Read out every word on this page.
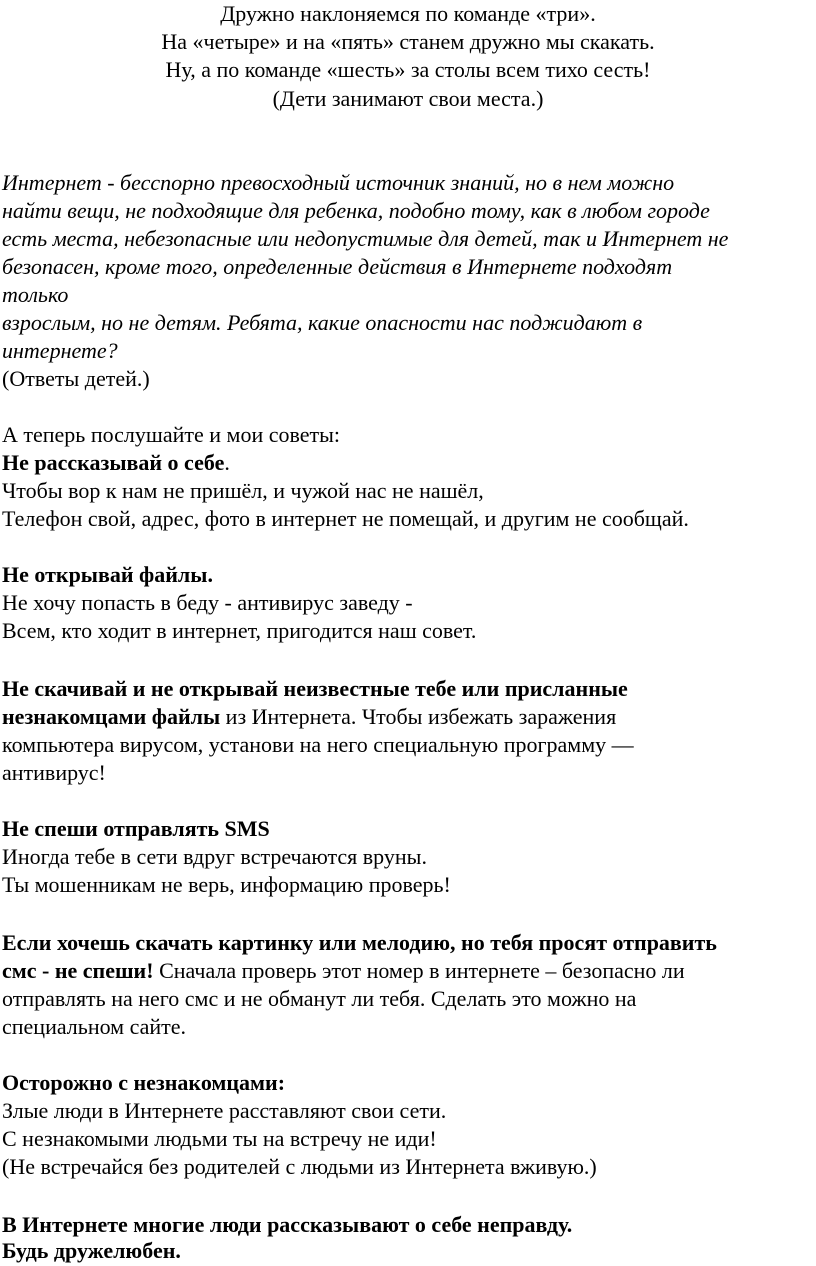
Дружно наклоняемся по команде «три».
На «четыре» и на «пять» станем дружно мы скакать.
Ну, а по команде «шесть» за столы всем тихо сесть!
(Дети занимают свои места.)
Интернет - бесспорно превосходный источник знаний, но в нем можно
найти вещи, не подходящие для ребенка, подобно тому, как в любом городе
есть места, небезопасные или недопустимые для детей, так и Интернет не
безопасен, кроме того, определенные действия в Интернете подходят
только
взрослым, но не детям. Ребята, какие опасности нас поджидают в
интернете?
(Ответы детей.)
А теперь послушайте и мои советы:
Не рассказывай о себе.
Чтобы вор к нам не пришёл, и чужой нас не нашёл,
Телефон свой, адрес, фото в интернет не помещай, и другим не сообщай.
Не открывай файлы.
Не хочу попасть в беду - антивирус заведу -
Всем, кто ходит в интернет, пригодится наш совет.
Не скачивай и не открывай неизвестные тебе или присланные
незнакомцами файлы из Интернета. Чтобы избежать заражения
компьютера вирусом, установи на него специальную программу —
антивирус!
Не спеши отправлять SMS
Иногда тебе в сети вдруг встречаются вруны.
Ты мошенникам не верь, информацию проверь!
Если хочешь скачать картинку или мелодию, но тебя просят отправить
смс - не спеши! Сначала проверь этот номер в интернете – безопасно ли
отправлять на него смс и не обманут ли тебя. Сделать это можно на
специальном сайте.
Осторожно с незнакомцами:
Злые люди в Интернете расставляют свои сети.
С незнакомыми людьми ты на встречу не иди!
(Не встречайся без родителей с людьми из Интернета вживую.)
В Интернете многие люди рассказывают о себе неправду.
Будь дружелюбен.
